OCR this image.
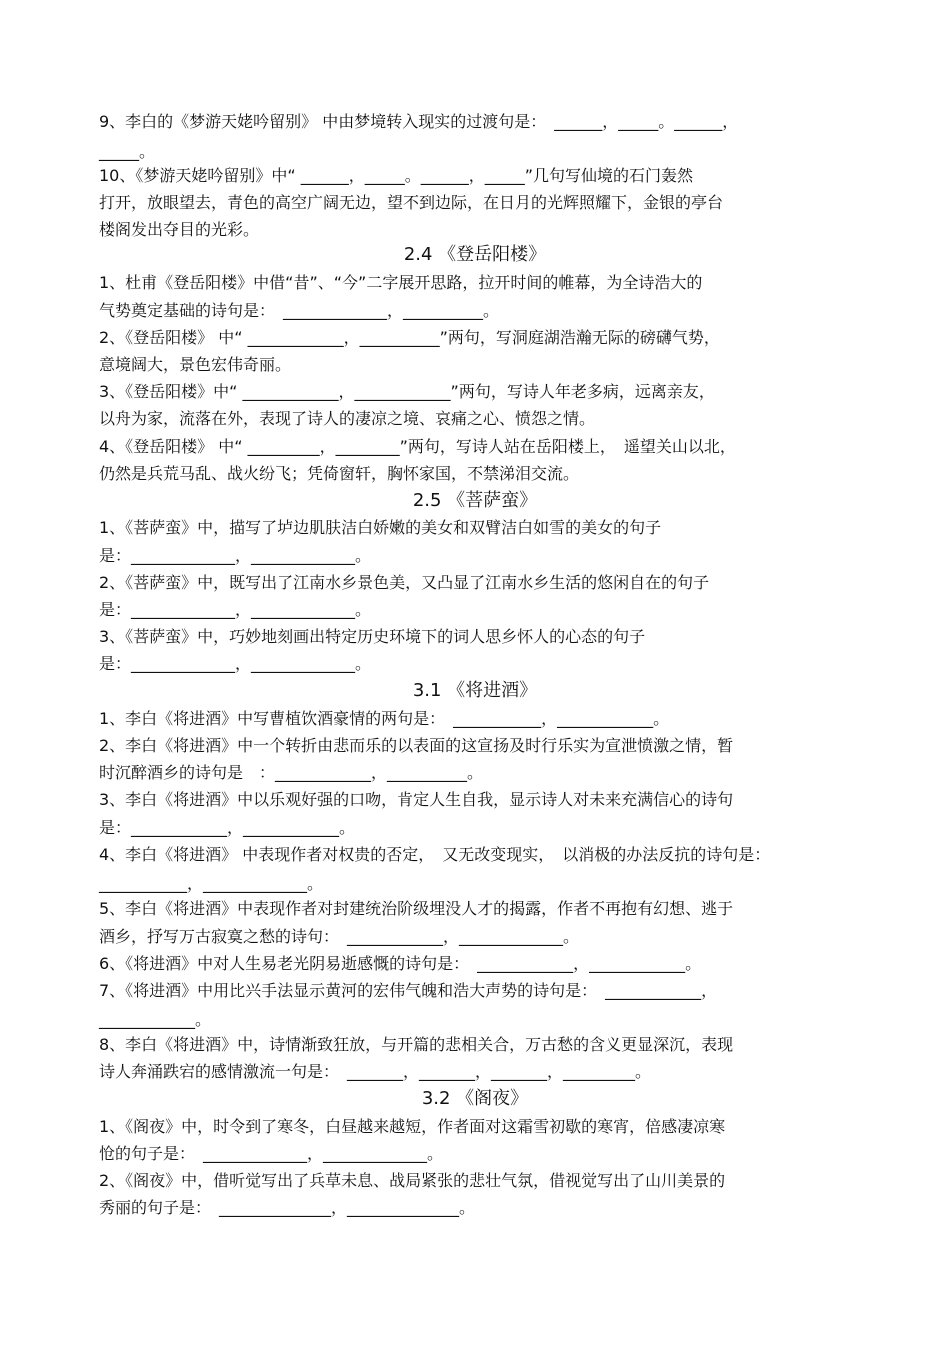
9、李白的《梦游天姥吟留别》 中由梦境转入现实的过渡句是：　______，_____。______，
_____。
10、《梦游天姥吟留别》中“ ______，_____。______，_____”几句写仙境的石门轰然
打开，放眼望去，青色的高空广阔无边，望不到边际，在日月的光辉照耀下，金银的亭台
楼阁发出夺目的光彩。
2.4 《登岳阳楼》
1、杜甫《登岳阳楼》中借“昔”、“今”二字展开思路，拉开时间的帷幕，为全诗浩大的
气势奠定基础的诗句是：　_____________，__________。
2、《登岳阳楼》 中“ ____________，__________”两句，写洞庭湖浩瀚无际的磅礴气势，
意境阔大，景色宏伟奇丽。
3、《登岳阳楼》中“ ____________，____________”两句，写诗人年老多病，远离亲友，
以舟为家，流落在外，表现了诗人的凄凉之境、哀痛之心、愤怨之情。
4、《登岳阳楼》 中“ _________，________”两句，写诗人站在岳阳楼上，　遥望关山以北，
仍然是兵荒马乱、战火纷飞；凭倚窗轩，胸怀家国，不禁涕泪交流。
2.5 《菩萨蛮》
1、《菩萨蛮》中，描写了垆边肌肤洁白娇嫩的美女和双臂洁白如雪的美女的句子
是：_____________，_____________。
2、《菩萨蛮》中，既写出了江南水乡景色美，又凸显了江南水乡生活的悠闲自在的句子
是：_____________，_____________。
3、《菩萨蛮》中，巧妙地刻画出特定历史环境下的词人思乡怀人的心态的句子
是：_____________，_____________。
3.1 《将进酒》
1、李白《将进酒》中写曹植饮酒豪情的两句是：　___________，____________。
2、李白《将进酒》中一个转折由悲而乐的以表面的这宣扬及时行乐实为宣泄愤激之情，暂
时沉醉酒乡的诗句是　：____________，__________。
3、李白《将进酒》中以乐观好强的口吻，肯定人生自我，显示诗人对未来充满信心的诗句
是：____________，____________。
4、李白《将进酒》 中表现作者对权贵的否定，　又无改变现实，　以消极的办法反抗的诗句是：
___________，_____________。
5、李白《将进酒》中表现作者对封建统治阶级埋没人才的揭露，作者不再抱有幻想、逃于
酒乡，抒写万古寂寞之愁的诗句：　____________，_____________。
6、《将进酒》中对人生易老光阴易逝感慨的诗句是：　____________，____________。
7、《将进酒》中用比兴手法显示黄河的宏伟气魄和浩大声势的诗句是：　____________，
____________。
8、李白《将进酒》中，诗情渐致狂放，与开篇的悲相关合，万古愁的含义更显深沉，表现
诗人奔涌跌宕的感情激流一句是：　_______，_______，_______，_________。
3.2 《阁夜》
1、《阁夜》中，时令到了寒冬，白昼越来越短，作者面对这霜雪初歇的寒宵，倍感凄凉寒
怆的句子是：　_____________，_____________。
2、《阁夜》中，借听觉写出了兵草未息、战局紧张的悲壮气氛，借视觉写出了山川美景的
秀丽的句子是：　______________，______________。
